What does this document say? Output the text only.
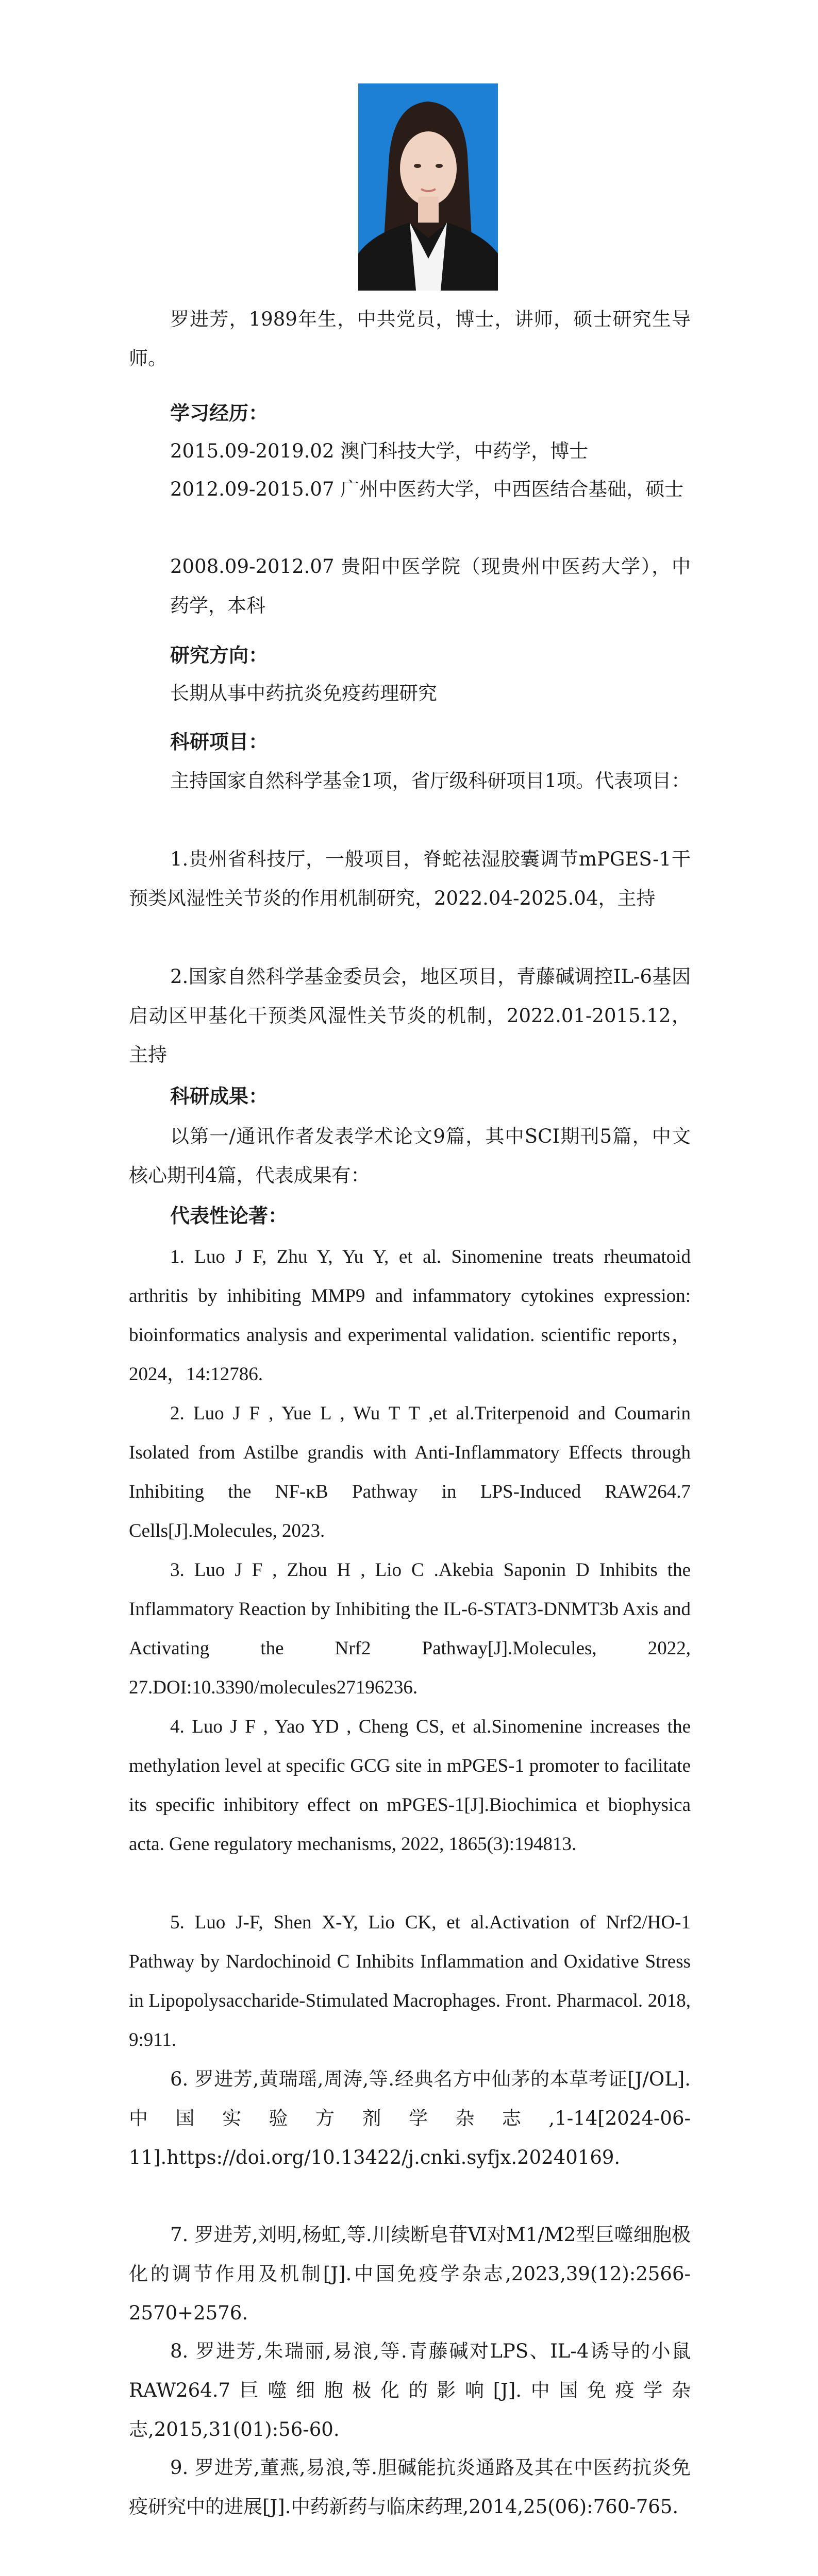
罗进芳，1989年生，中共党员，博士，讲师，硕士研究生导师。
学习经历：
2015.09-2019.02 澳门科技大学，中药学，博士
2012.09-2015.07 广州中医药大学，中西医结合基础，硕士
2008.09-2012.07 贵阳中医学院（现贵州中医药大学），中药学，本科
研究方向：
长期从事中药抗炎免疫药理研究
科研项目：
主持国家自然科学基金1项，省厅级科研项目1项。代表项目：
1.贵州省科技厅，一般项目，脊蛇祛湿胶囊调节mPGES-1干预类风湿性关节炎的作用机制研究，2022.04-2025.04，主持
2.国家自然科学基金委员会，地区项目，青藤碱调控IL-6基因启动区甲基化干预类风湿性关节炎的机制，2022.01-2015.12，主持
科研成果：
以第一/通讯作者发表学术论文9篇，其中SCI期刊5篇，中文核心期刊4篇，代表成果有：
代表性论著：
1. Luo J F, Zhu Y, Yu Y, et al. Sinomenine treats rheumatoid arthritis by inhibiting MMP9 and infammatory cytokines expression: bioinformatics analysis and experimental validation. scientific reports，2024，14:12786.
2. Luo J F , Yue L , Wu T T ,et al.Triterpenoid and Coumarin Isolated from Astilbe grandis with Anti-Inflammatory Effects through Inhibiting the NF-κB Pathway in LPS-Induced RAW264.7 Cells[J].Molecules, 2023.
3. Luo J F , Zhou H , Lio C .Akebia Saponin D Inhibits the Inflammatory Reaction by Inhibiting the IL-6-STAT3-DNMT3b Axis and Activating the Nrf2 Pathway[J].Molecules, 2022, 27.DOI:10.3390/molecules27196236.
4. Luo J F , Yao YD , Cheng CS, et al.Sinomenine increases the methylation level at specific GCG site in mPGES-1 promoter to facilitate its specific inhibitory effect on mPGES-1[J].Biochimica et biophysica acta. Gene regulatory mechanisms, 2022, 1865(3):194813.
5. Luo J-F, Shen X-Y, Lio CK, et al.Activation of Nrf2/HO-1 Pathway by Nardochinoid C Inhibits Inflammation and Oxidative Stress in Lipopolysaccharide-Stimulated Macrophages. Front. Pharmacol. 2018, 9:911.
6. 罗进芳,黄瑞瑶,周涛,等.经典名方中仙茅的本草考证[J/OL].中国实验方剂学杂志,1-14[2024-06-11].https://doi.org/10.13422/j.cnki.syfjx.20240169.
7. 罗进芳,刘明,杨虹,等.川续断皂苷Ⅵ对M1/M2型巨噬细胞极化的调节作用及机制[J].中国免疫学杂志,2023,39(12):2566-2570+2576.
8. 罗进芳,朱瑞丽,易浪,等.青藤碱对LPS、IL-4诱导的小鼠RAW264.7巨噬细胞极化的影响[J].中国免疫学杂志,2015,31(01):56-60.
9. 罗进芳,董燕,易浪,等.胆碱能抗炎通路及其在中医药抗炎免疫研究中的进展[J].中药新药与临床药理,2014,25(06):760-765.
